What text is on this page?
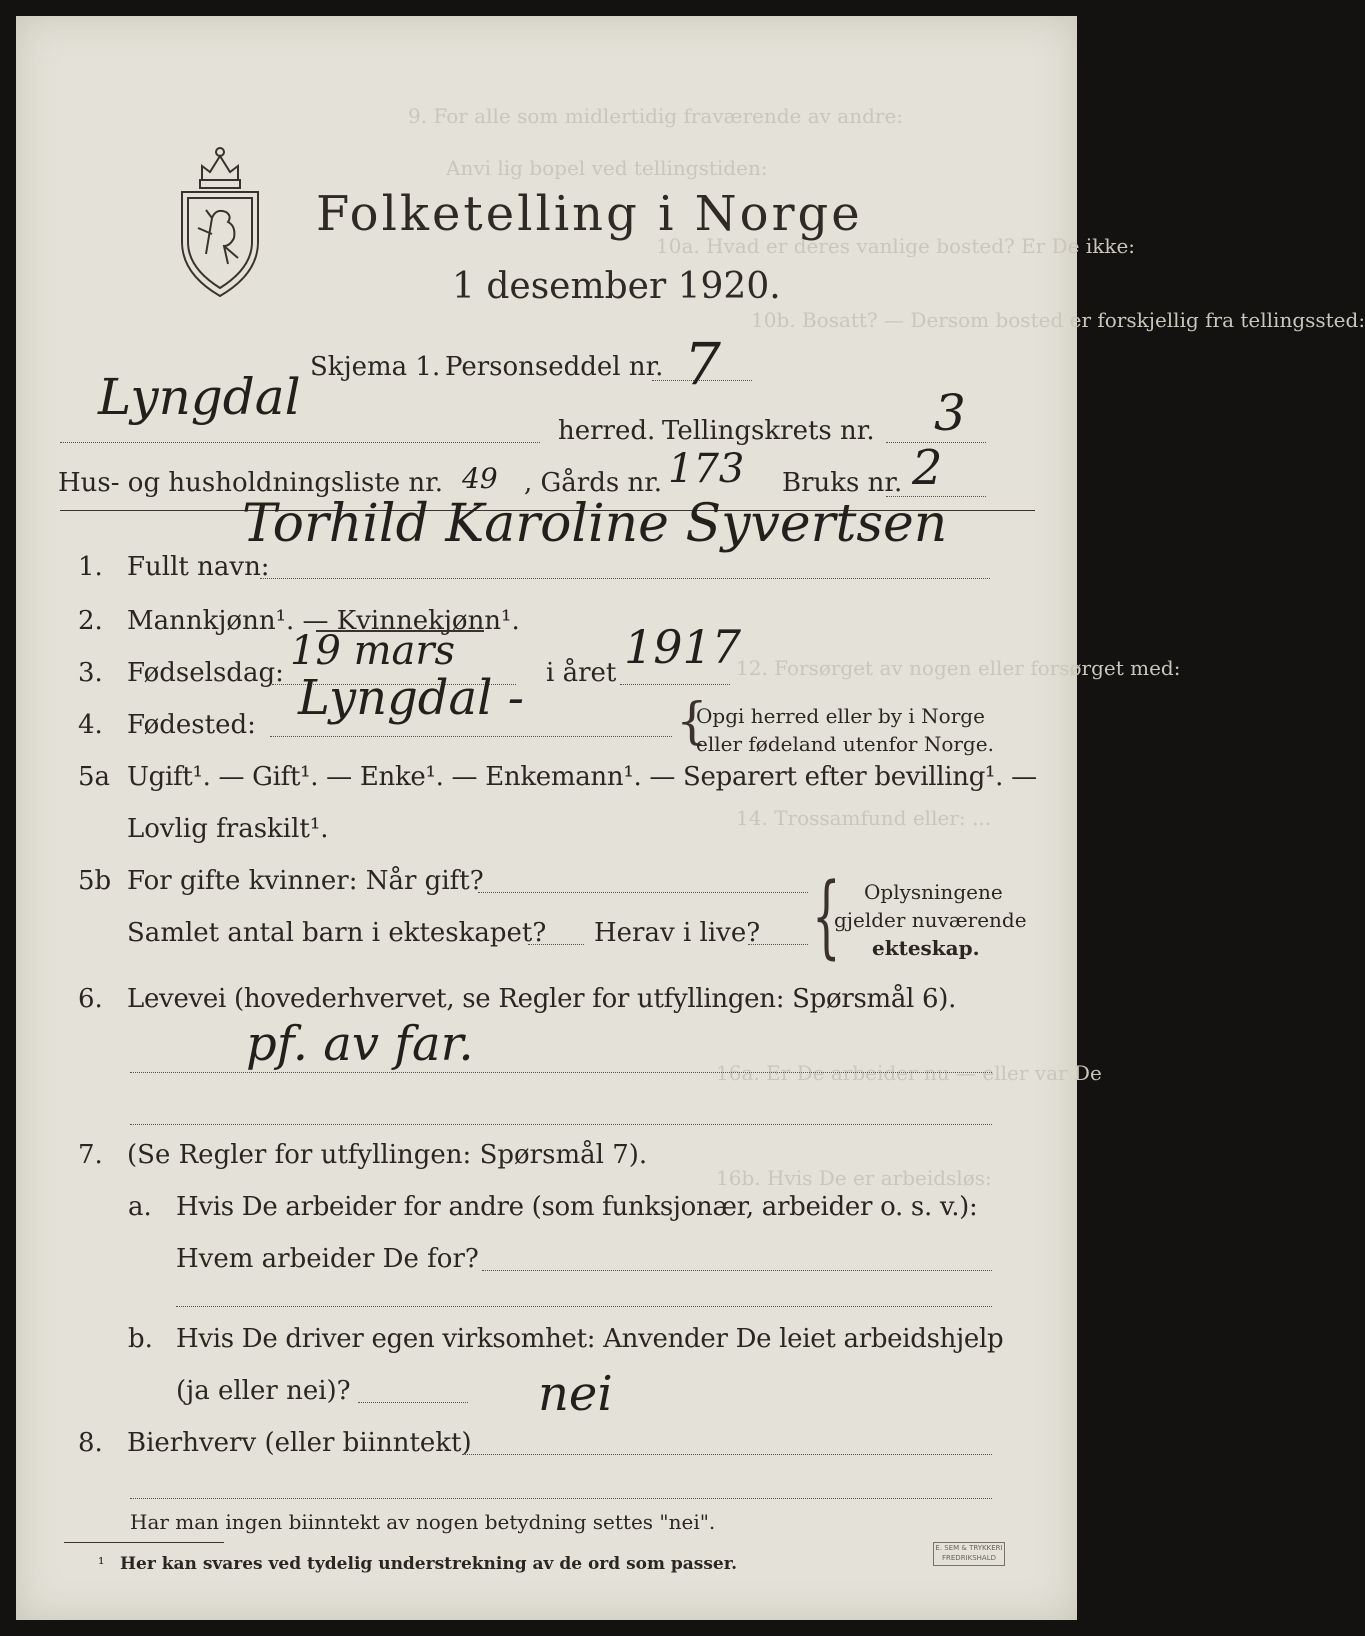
9. For alle som midlertidig fraværende av andre:
Anvi lig bopel ved tellingstiden:
10a. Hvad er deres vanlige bosted? Er De ikke:
10b. Bosatt? — Dersom bosted er forskjellig fra tellingssted:
12. Forsørget av nogen eller forsørget med:
14. Trossamfund eller: ...
16a. Er De arbeider nu — eller var De
16b. Hvis De er arbeidsløs:
Folketelling i Norge
1 desember 1920.
Skjema 1. Personseddel nr. 7
Lyngdal
herred. Tellingskrets nr. 3
Hus- og husholdningsliste nr. 49 , Gårds nr. 173 Bruks nr. 2
1. Fullt navn:
Torhild Karoline Syvertsen
2. Mannkjønn¹. — Kvinnekjønn¹.
3. Fødselsdag: 19 mars	i året 1917
4. Fødested: Lyngdal -	{
Opgi herred eller by i Norge
eller fødeland utenfor Norge.
5a Ugift¹. — Gift¹. — Enke¹. — Enkemann¹. — Separert efter bevilling¹. —
Lovlig fraskilt¹.
5b For gifte kvinner: Når gift?
Samlet antal barn i ekteskapet? Herav i live? { Oplysningene
gjelder nuværende
ekteskap.
6. Levevei (hovederhvervet, se Regler for utfyllingen: Spørsmål 6).
pf. av far.
7. (Se Regler for utfyllingen: Spørsmål 7).
a. Hvis De arbeider for andre (som funksjonær, arbeider o. s. v.):
Hvem arbeider De for?
b. Hvis De driver egen virksomhet: Anvender De leiet arbeidshjelp
(ja eller nei)?	nei
8. Bierhverv (eller biinntekt)
Har man ingen biinntekt av nogen betydning settes "nei".
¹ Her kan svares ved tydelig understrekning av de ord som passer.
E. SEM & TRYKKERI FREDRIKSHALD
